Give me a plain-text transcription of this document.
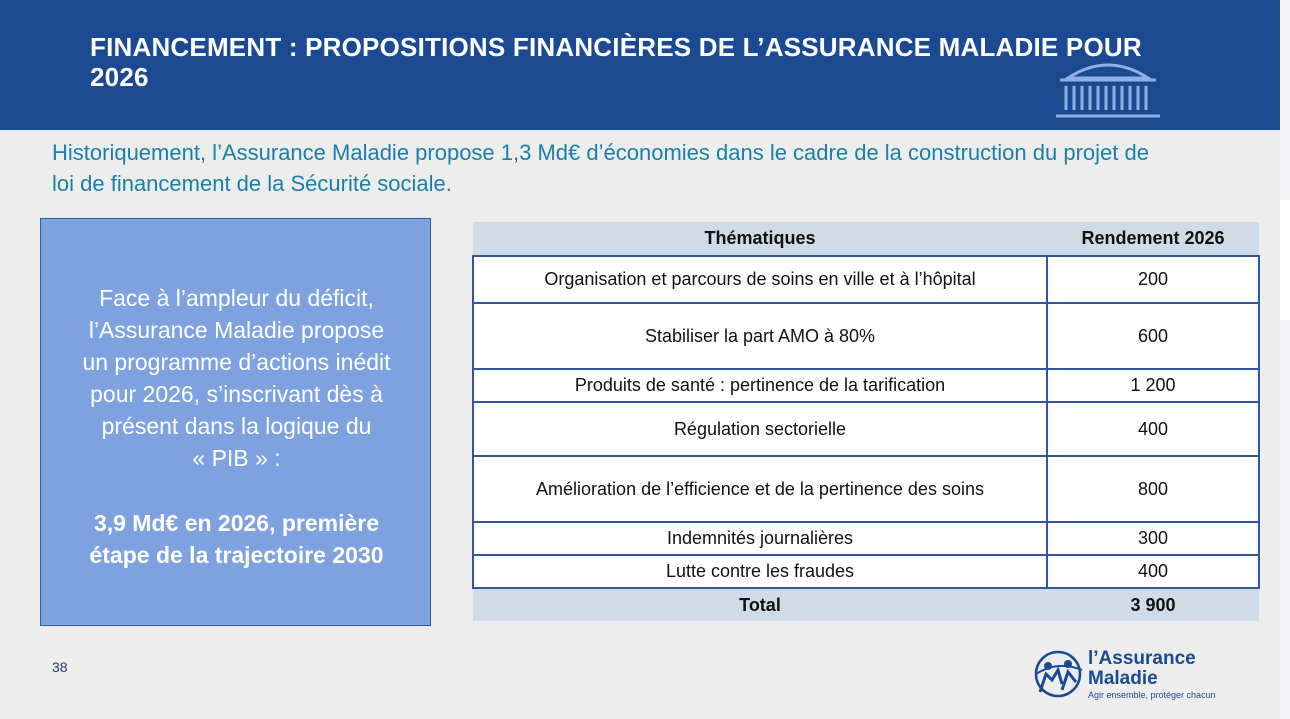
FINANCEMENT : PROPOSITIONS FINANCIÈRES DE L’ASSURANCE MALADIE POUR
2026
Historiquement, l’Assurance Maladie propose 1,3 Md€ d’économies dans le cadre de la construction du projet de
loi de financement de la Sécurité sociale.
Face à l’ampleur du déficit,
l’Assurance Maladie propose
un programme d’actions inédit
pour 2026, s’inscrivant dès à
présent dans la logique du
« PIB » :
3,9 Md€ en 2026, première
étape de la trajectoire 2030
Thématiques	Rendement 2026
Organisation et parcours de soins en ville et à l’hôpital	200
Stabiliser la part AMO à 80%	600
Produits de santé : pertinence de la tarification	1 200
Régulation sectorielle	400
Amélioration de l’efficience et de la pertinence des soins	800
Indemnités journalières	300
Lutte contre les fraudes	400
Total	3 900
38	l’Assurance
Maladie
Agir ensemble, protéger chacun
